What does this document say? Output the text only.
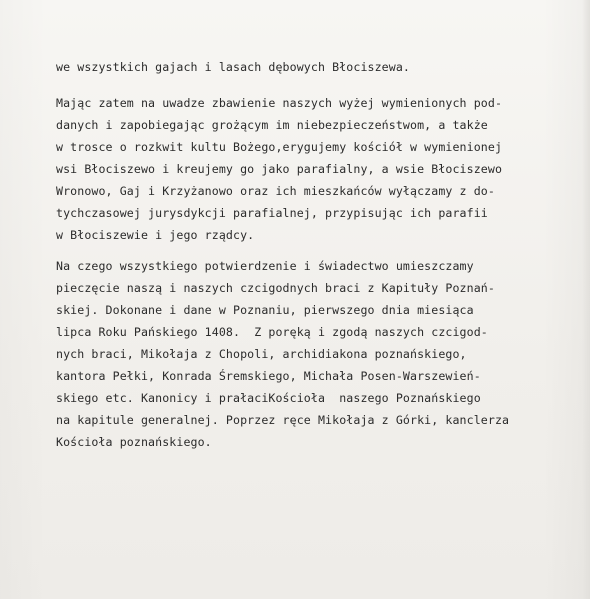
we wszystkich gajach i lasach dębowych Błociszewa.
Mając zatem na uwadze zbawienie naszych wyżej wymienionych pod-
danych i zapobiegając grożącym im niebezpieczeństwom, a także
w trosce o rozkwit kultu Bożego,erygujemy kościół w wymienionej
wsi Błociszewo i kreujemy go jako parafialny, a wsie Błociszewo
Wronowo, Gaj i Krzyżanowo oraz ich mieszkańców wyłączamy z do-
tychczasowej jurysdykcji parafialnej, przypisując ich parafii
w Błociszewie i jego rządcy.
Na czego wszystkiego potwierdzenie i świadectwo umieszczamy
pieczęcie naszą i naszych czcigodnych braci z Kapituły Poznań-
skiej. Dokonane i dane w Poznaniu, pierwszego dnia miesiąca
lipca Roku Pańskiego 1408.  Z poręką i zgodą naszych czcigod-
nych braci, Mikołaja z Chopoli, archidiakona poznańskiego,
kantora Pełki, Konrada Śremskiego, Michała Posen-Warszewień-
skiego etc. Kanonicy i prałaciKościoła  naszego Poznańskiego
na kapitule generalnej. Poprzez ręce Mikołaja z Górki, kanclerza
Kościoła poznańskiego.
